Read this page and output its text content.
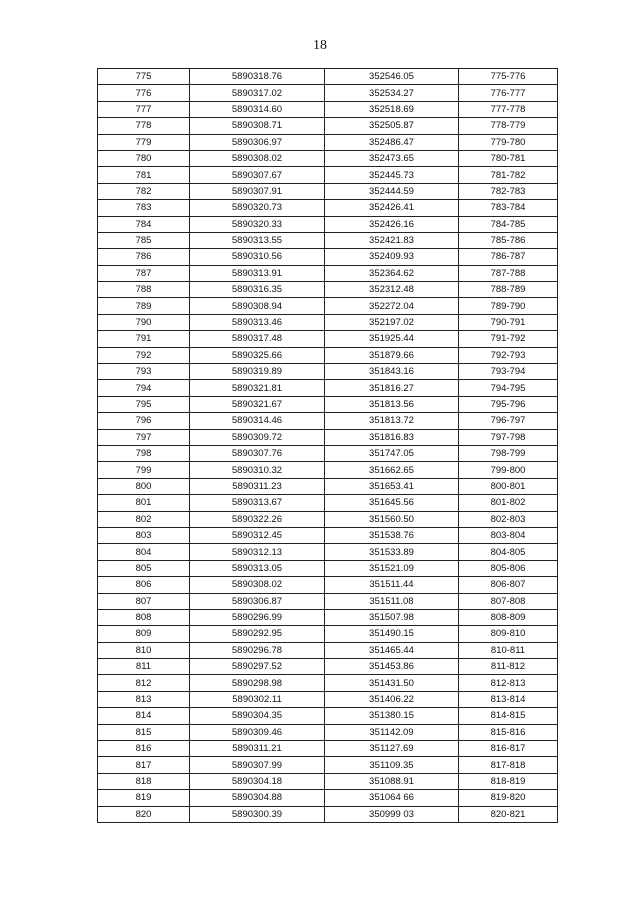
18
775	5890318.76	352546.05	775-776
776	5890317.02	352534.27	776-777
777	5890314.60	352518.69	777-778
778	5890308.71	352505.87	778-779
779	5890306.97	352486.47	779-780
780	5890308.02	352473.65	780-781
781	5890307.67	352445.73	781-782
782	5890307.91	352444.59	782-783
783	5890320.73	352426.41	783-784
784	5890320.33	352426.16	784-785
785	5890313.55	352421.83	785-786
786	5890310.56	352409.93	786-787
787	5890313.91	352364.62	787-788
788	5890316.35	352312.48	788-789
789	5890308.94	352272.04	789-790
790	5890313.46	352197.02	790-791
791	5890317.48	351925.44	791-792
792	5890325.66	351879.66	792-793
793	5890319.89	351843.16	793-794
794	5890321.81	351816.27	794-795
795	5890321.67	351813.56	795-796
796	5890314.46	351813.72	796-797
797	5890309.72	351816.83	797-798
798	5890307.76	351747.05	798-799
799	5890310.32	351662.65	799-800
800	5890311.23	351653.41	800-801
801	5890313.67	351645.56	801-802
802	5890322.26	351560.50	802-803
803	5890312.45	351538.76	803-804
804	5890312.13	351533.89	804-805
805	5890313.05	351521.09	805-806
806	5890308.02	351511.44	806-807
807	5890306.87	351511.08	807-808
808	5890296.99	351507.98	808-809
809	5890292.95	351490.15	809-810
810	5890296.78	351465.44	810-811
811	5890297.52	351453.86	811-812
812	5890298.98	351431.50	812-813
813	5890302.11	351406.22	813-814
814	5890304.35	351380.15	814-815
815	5890309.46	351142.09	815-816
816	5890311.21	351127.69	816-817
817	5890307.99	351109.35	817-818
818	5890304.18	351088.91	818-819
819	5890304.88	351064 66	819-820
820	5890300.39	350999 03	820-821
